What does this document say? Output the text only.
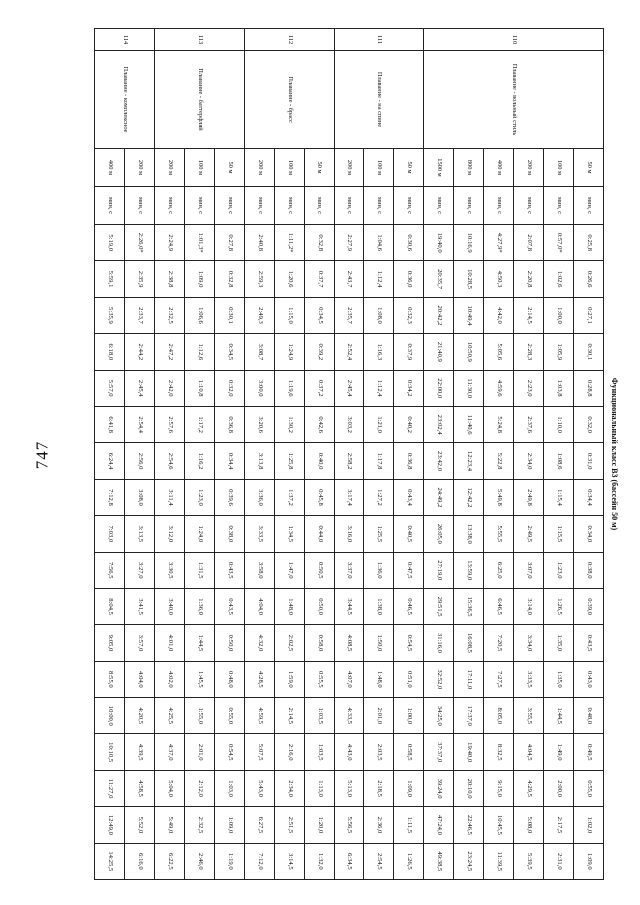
747	Функциональный класс В3 (бассейн 50 м)
110	Плавание - вольный стиль	50 м	мин, с	0:25,8	0:26,6	0:27,1	0:30,1	0:28,8	0:32,0	0:31,0	0:34,4	0:34,0	0:38,0	0:39,0	0:43,5	0:43,0	0:48,0	0:49,5	0:55,0	1:02,0	1:09,0
		100 м	мин, с	0:57,0*	1:02,6	1:00,0	1:05,9	1:03,8	1:10,0	1:08,6	1:15,4	1:15,5	1:23,0	1:26,5	1:35,0	1:35,0	1:44,5	1:49,0	2:00,0	2:17,5	2:31,0
		200 м	мин, с	2:07,8	2:20,8	2:14,5	2:28,3	2:23,0	2:37,6	2:34,0	2:49,8	2:49,5	3:07,0	3:14,0	3:34,0	3:33,5	3:55,5	4:04,5	4:29,5	5:08,0	5:39,5
		400 м	мин, с	4:27,9*	4:50,3	4:42,0	5:05,6	4:59,6	5:24,8	5:22,8	5:49,8	5:55,5	6:25,0	6:46,5	7:20,5	7:27,5	8:05,0	8:32,5	9:15,0	10:45,5	11:39,5
		800 м	мин, с	10:16,9	10:28,5	10:49,4	10:50,9	11:30,0	11:40,6	12:23,4	12:42,2	13:38,0	13:59,0	15:36,5	16:08,5	17:11,0	17:37,0	19:40,0	20:10,0	22:46,5	23:24,5
		1500 м	мин, с	19:40,0	20:35,7	20:42,2	21:40,9	22:00,0	23:02,4	23:42,0	24:49,2	26:05,0	27:19,0	29:51,5	31:16,0	32:52,0	34:25,0	37:37,0	39:24,0	47:24,0	49:38,5
111	Плавание - на спине	50 м	мин, с	0:30,6	0:36,0	0:32,3	0:37,9	0:34,2	0:40,2	0:36,8	0:43,4	0:40,5	0:47,5	0:46,5	0:54,5	0:51,0	1:00,0	0:58,5	1:09,0	1:11,5	1:26,5
		100 м	мин, с	1:04,6	1:12,4	1:08,0	1:16,3	1:12,4	1:21,0	1:17,8	1:27,2	1:25,5	1:36,0	1:38,0	1:50,0	1:48,0	2:01,0	2:03,5	2:18,5	2:36,0	2:54,5
		200 м	мин, с	2:27,9	2:43,7	2:35,7	2:52,4	2:45,4	3:03,2	2:58,2	3:17,4	3:16,0	3:37,0	3:44,5	4:08,5	4:07,0	4:33,5	4:43,0	5:13,0	5:56,5	6:34,5
112	Плавание - брасс	50 м	мин, с	0:32,8	0:37,7	0:34,5	0:39,2	0:37,2	0:42,6	0:40,0	0:45,8	0:44,0	0:50,5	0:50,0	0:58,0	0:55,5	1:03,5	1:03,5	1:13,0	1:20,0	1:32,0
		100 м	мин, с	1:11,2*	1:20,6	1:15,0	1:24,9	1:19,6	1:30,2	1:25,8	1:37,2	1:34,5	1:47,0	1:48,0	2:02,5	1:59,0	2:14,5	2:16,0	2:34,0	2:51,5	3:14,5
		200 м	мин, с	2:40,8	2:59,3	2:49,3	3:08,7	3:00,0	3:20,6	3:13,8	3:36,0	3:33,5	3:58,0	4:04,0	4:32,0	4:28,5	4:59,5	5:07,5	5:43,0	6:27,5	7:12,0
113	Плавание - баттерфляй	50 м	мин, с	0:27,8	0:32,8	0:30,1	0:34,5	0:32,0	0:36,8	0:34,4	0:39,6	0:38,0	0:43,5	0:43,5	0:50,0	0:48,0	0:55,0	0:54,5	1:03,0	1:09,0	1:19,0
		100 м	мин, с	1:01,3*	1:09,0	1:06,6	1:12,6	1:10,8	1:17,2	1:16,2	1:23,0	1:24,0	1:31,5	1:36,0	1:44,5	1:45,5	1:55,0	2:01,0	2:12,0	2:32,5	2:46,0
		200 м	мин, с	2:24,9	2:38,8	2:32,5	2:47,2	2:42,0	2:57,6	2:54,6	3:11,4	3:12,0	3:30,5	3:40,0	4:01,0	4:02,0	4:25,5	4:37,0	5:04,0	5:49,0	6:22,5
114	Плавание - комплексное	200 м	мин, с	2:26,0*	2:35,9	2:33,7	2:44,2	2:45,4	2:54,4	2:56,0	3:08,0	3:13,5	3:27,0	3:41,5	3:57,0	4:04,0	4:20,5	4:39,5	4:58,5	5:52,0	6:16,0
		400 м	мин, с	5:19,0	5:59,1	5:35,9	6:18,0	5:57,0	6:41,8	6:24,4	7:12,8	7:03,0	7:56,5	8:04,5	9:05,0	8:55,0	10:00,0	10:10,5	11:27,0	12:49,0	14:25,5
